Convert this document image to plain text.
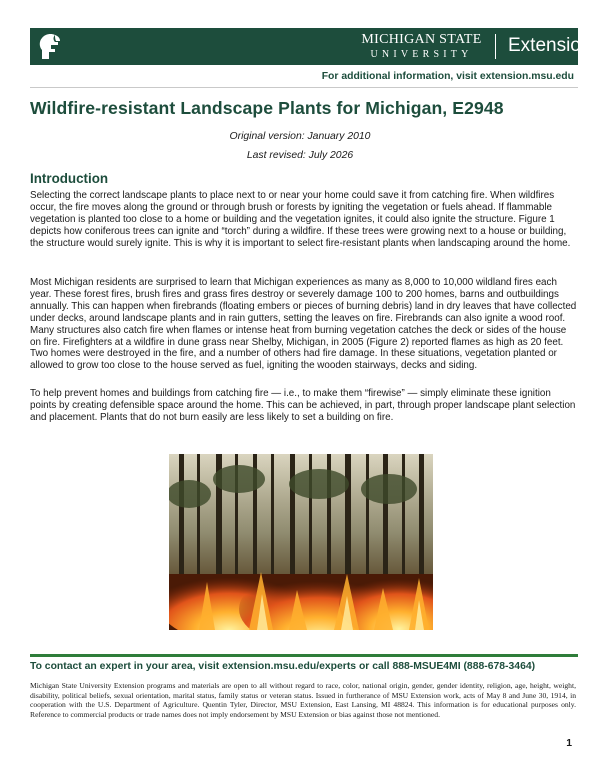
MICHIGAN STATE
UNIVERSITY	Extension
For additional information, visit extension.msu.edu
Wildfire-resistant Landscape Plants for Michigan, E2948
Original version: January 2010
Last revised: July 2026
Introduction

Selecting the correct landscape plants to place next to or near your home could save it from catching fire. When wildfires occur, the fire moves along the ground or through brush or forests by igniting the vegetation or fuels ahead. If flammable vegetation is planted too close to a home or building and the vegetation ignites, it could also ignite the structure. Figure 1 depicts how coniferous trees can ignite and “torch” during a wildfire. If these trees were growing next to a house or building, the structure would surely ignite. This is why it is important to select fire-resistant plants when landscaping around the home.

Most Michigan residents are surprised to learn that Michigan experiences as many as 8,000 to 10,000 wildland fires each year. These forest fires, brush fires and grass fires destroy or severely damage 100 to 200 homes, barns and outbuildings annually. This can happen when firebrands (floating embers or pieces of burning debris) land in dry leaves that have collected under decks, around landscape plants and in rain gutters, setting the leaves on fire. Firebrands can also ignite a wood roof. Many structures also catch fire when flames or intense heat from burning vegetation catches the deck or sides of the house on fire. Firefighters at a wildfire in dune grass near Shelby, Michigan, in 2005 (Figure 2) reported flames as high as 20 feet. Two homes were destroyed in the fire, and a number of others had fire damage. In these situations, vegetation planted or allowed to grow too close to the house served as fuel, igniting the wooden stairways, decks and siding.

To help prevent homes and buildings from catching fire — i.e., to make them “firewise” — simply eliminate these ignition points by creating defensible space around the home. This can be achieved, in part, through proper landscape plant selection and placement. Plants that do not burn easily are less likely to set a building on fire.

To contact an expert in your area, visit extension.msu.edu/experts or call 888-MSUE4MI (888-678-3464)

Michigan State University Extension programs and materials are open to all without regard to race, color, national origin, gender, gender identity, religion, age, height, weight, disability, political beliefs, sexual orientation, marital status, family status or veteran status. Issued in furtherance of MSU Extension work, acts of May 8 and June 30, 1914, in cooperation with the U.S. Department of Agriculture. Quentin Tyler, Director, MSU Extension, East Lansing, MI 48824. This information is for educational purposes only. Reference to commercial products or trade names does not imply endorsement by MSU Extension or bias against those not mentioned.

1
